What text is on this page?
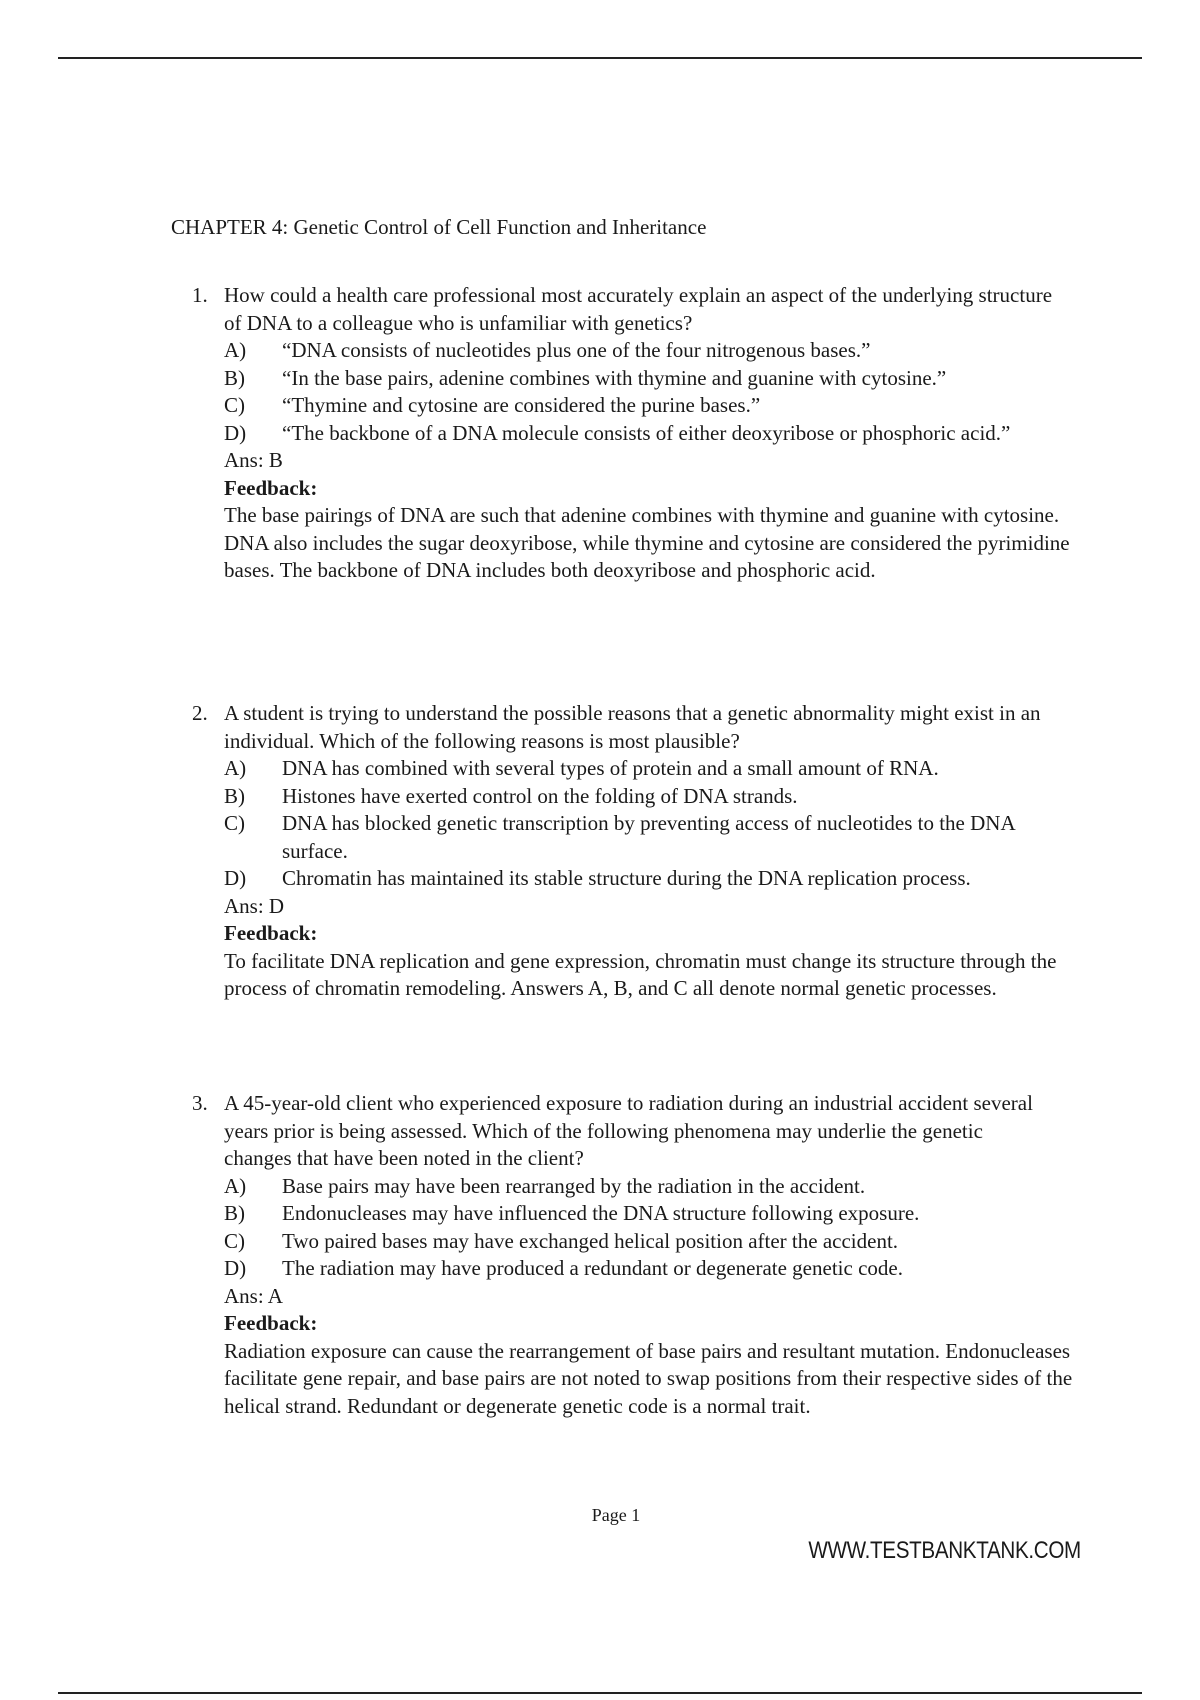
CHAPTER 4: Genetic Control of Cell Function and Inheritance
1. How could a health care professional most accurately explain an aspect of the underlying structure of DNA to a colleague who is unfamiliar with genetics?
A) “DNA consists of nucleotides plus one of the four nitrogenous bases.”
B) “In the base pairs, adenine combines with thymine and guanine with cytosine.”
C) “Thymine and cytosine are considered the purine bases.”
D) “The backbone of a DNA molecule consists of either deoxyribose or phosphoric acid.”
Ans: B
Feedback:
The base pairings of DNA are such that adenine combines with thymine and guanine with cytosine. DNA also includes the sugar deoxyribose, while thymine and cytosine are considered the pyrimidine bases. The backbone of DNA includes both deoxyribose and phosphoric acid.
2. A student is trying to understand the possible reasons that a genetic abnormality might exist in an individual. Which of the following reasons is most plausible?
A) DNA has combined with several types of protein and a small amount of RNA.
B) Histones have exerted control on the folding of DNA strands.
C) DNA has blocked genetic transcription by preventing access of nucleotides to the DNA surface.
D) Chromatin has maintained its stable structure during the DNA replication process.
Ans: D
Feedback:
To facilitate DNA replication and gene expression, chromatin must change its structure through the process of chromatin remodeling. Answers A, B, and C all denote normal genetic processes.
3. A 45-year-old client who experienced exposure to radiation during an industrial accident several years prior is being assessed. Which of the following phenomena may underlie the genetic changes that have been noted in the client?
A) Base pairs may have been rearranged by the radiation in the accident.
B) Endonucleases may have influenced the DNA structure following exposure.
C) Two paired bases may have exchanged helical position after the accident.
D) The radiation may have produced a redundant or degenerate genetic code.
Ans: A
Feedback:
Radiation exposure can cause the rearrangement of base pairs and resultant mutation. Endonucleases facilitate gene repair, and base pairs are not noted to swap positions from their respective sides of the helical strand. Redundant or degenerate genetic code is a normal trait.
Page 1
WWW.TESTBANKTANK.COM
